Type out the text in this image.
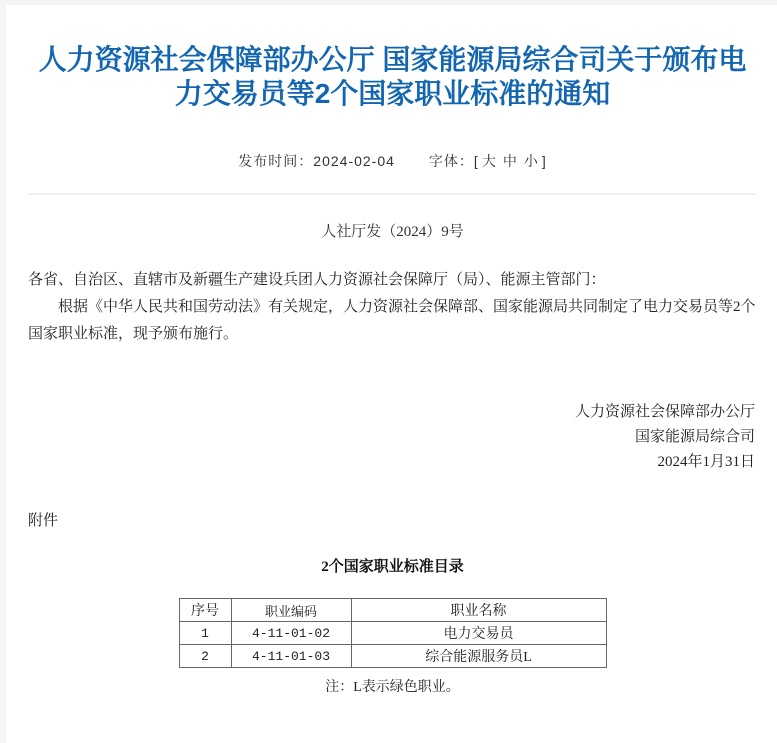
人力资源社会保障部办公厅 国家能源局综合司关于颁布电力交易员等2个国家职业标准的通知
发布时间：2024-02-04 字体：[ 大 中 小 ]
人社厅发（2024）9号

各省、自治区、直辖市及新疆生产建设兵团人力资源社会保障厅（局）、能源主管部门：

根据《中华人民共和国劳动法》有关规定，人力资源社会保障部、国家能源局共同制定了电力交易员等2个国家职业标准，现予颁布施行。

人力资源社会保障部办公厅
国家能源局综合司
2024年1月31日
附件
2个国家职业标准目录
序号	职业编码	职业名称
1	4-11-01-02	电力交易员
2	4-11-01-03	综合能源服务员L
注：L表示绿色职业。
